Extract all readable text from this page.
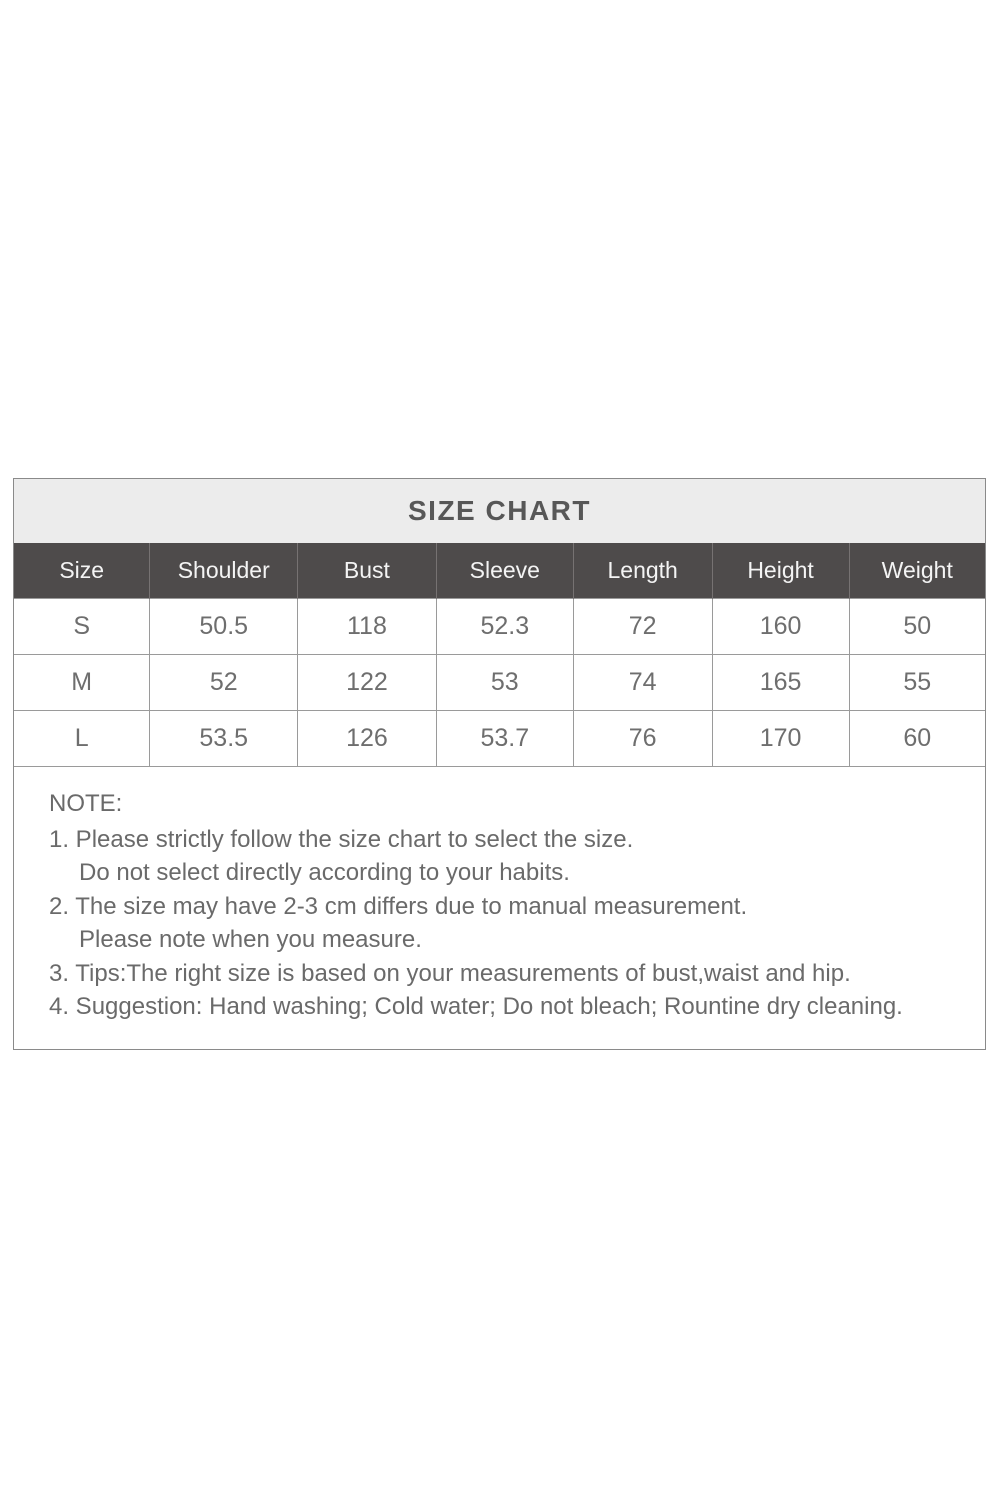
SIZE CHART
Size	Shoulder	Bust	Sleeve	Length	Height	Weight
S	50.5	118	52.3	72	160	50
M	52	122	53	74	165	55
L	53.5	126	53.7	76	170	60
NOTE:
1. Please strictly follow the size chart to select the size.
Do not select directly according to your habits.
2. The size may have 2-3 cm differs due to manual measurement.
Please note when you measure.
3. Tips:The right size is based on your measurements of bust,waist and hip.
4. Suggestion: Hand washing; Cold water; Do not bleach; Rountine dry cleaning.
